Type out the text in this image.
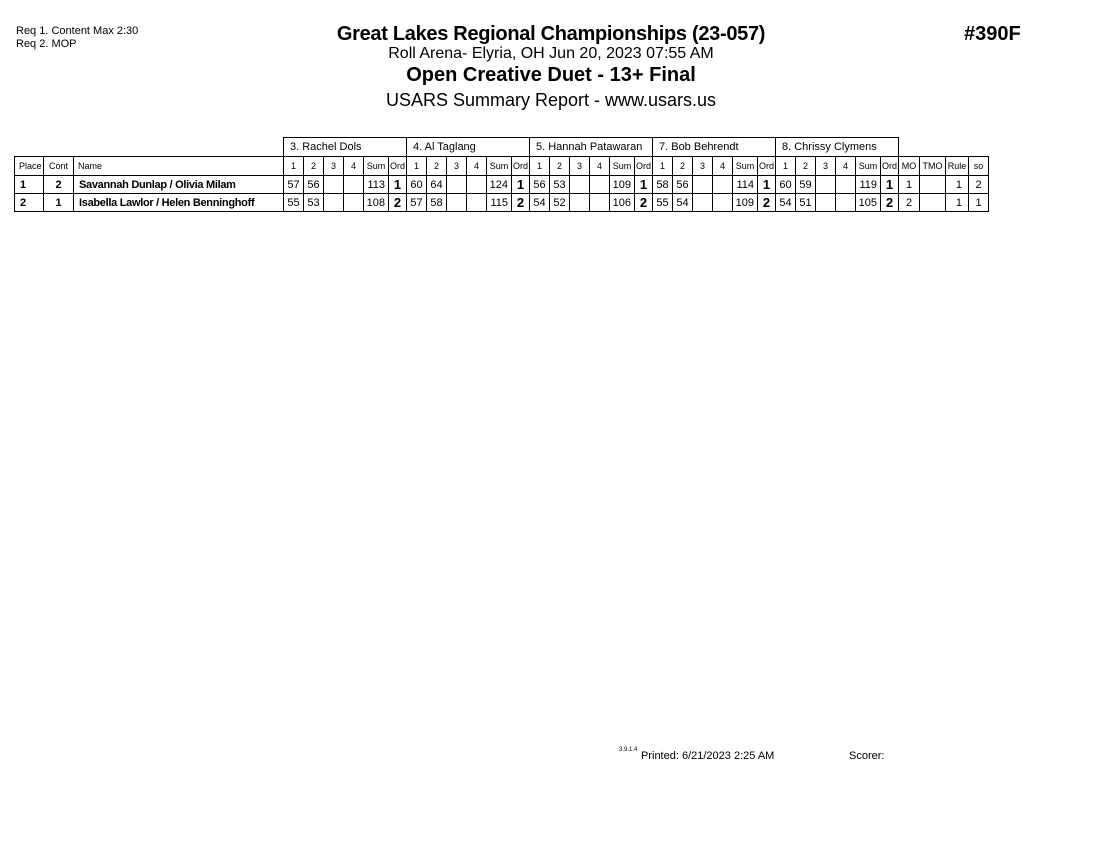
Req 1. Content Max 2:30
Req 2. MOP	#390F
Great Lakes Regional Championships (23-057)
Roll Arena- Elyria, OH Jun 20, 2023 07:55 AM
Open Creative Duet - 13+ Final
USARS Summary Report - www.usars.us
			3. Rachel Dols						4. Al Taglang						5. Hannah Patawaran						7. Bob Behrendt						8. Chrissy Clymens									
Place	Cont	Name	1	2	3	4	Sum	Ord	1	2	3	4	Sum	Ord	1	2	3	4	Sum	Ord	1	2	3	4	Sum	Ord	1	2	3	4	Sum	Ord	MO	TMO	Rule	so
1	2	Savannah Dunlap / Olivia Milam	57	56			113	1	60	64			124	1	56	53			109	1	58	56			114	1	60	59			119	1	1		1	2
2	1	Isabella Lawlor / Helen Benninghoff	55	53			108	2	57	58			115	2	54	52			106	2	55	54			109	2	54	51			105	2	2		1	1
3.9.1.4 Printed: 6/21/2023 2:25 AM	Scorer:
